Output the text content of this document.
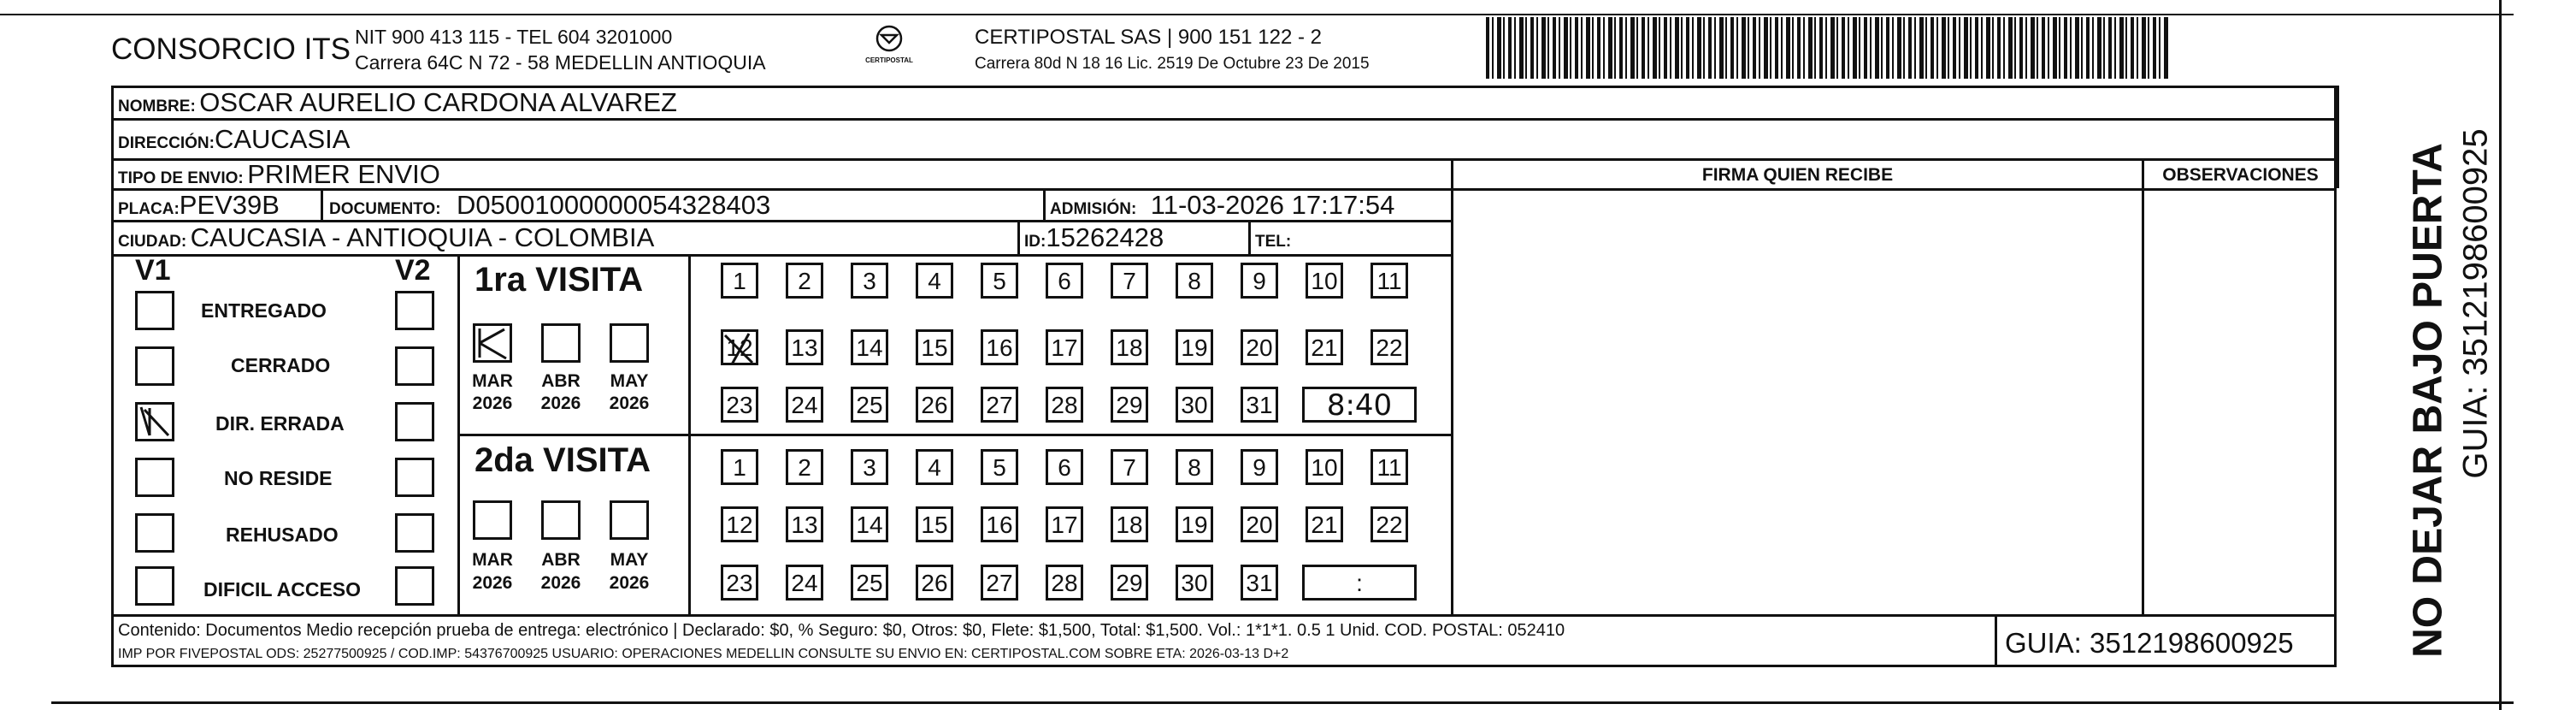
CONSORCIO ITS NIT 900 413 115 - TEL 604 3201000
Carrera 64C N 72 - 58 MEDELLIN ANTIOQUIA	CERTIPOSTAL
CERTIPOSTAL SAS | 900 151 122 - 2
Carrera 80d N 18 16 Lic. 2519 De Octubre 23 De 2015
NOMBRE: OSCAR AURELIO CARDONA ALVAREZ
DIRECCIÓN:CAUCASIA
TIPO DE ENVIO: PRIMER ENVIO	FIRMA QUIEN RECIBE	OBSERVACIONES
PLACA:PEV39B	DOCUMENTO: D05001000000054328403	ADMISIÓN: 11-03-2026 17:17:54
CIUDAD: CAUCASIA - ANTIOQUIA - COLOMBIA	ID:15262428	TEL:
V1	V2
ENTREGADO
CERRADO
DIR. ERRADA
NO RESIDE
REHUSADO
DIFICIL ACCESO
1ra VISITA
MAR	ABR	MAY
2026	2026	2026
1	2	3	4	5	6	7	8	9	10 11
12 13 14 15 16 17 18 19 20 21 22
23 24 25 26 27 28 29 30 31	8:40
2da VISITA
MAR	ABR	MAY
2026	2026	2026
1	2	3	4	5	6	7	8	9	10 11
12 13 14 15 16 17 18 19 20 21 22
23 24 25 26 27 28 29 30 31	:
Contenido: Documentos Medio recepción prueba de entrega: electrónico | Declarado: $0, % Seguro: $0, Otros: $0, Flete: $1,500, Total: $1,500. Vol.: 1*1*1. 0.5 1 Unid. COD. POSTAL: 052410
IMP POR FIVEPOSTAL ODS: 25277500925 / COD.IMP: 54376700925 USUARIO: OPERACIONES MEDELLIN CONSULTE SU ENVIO EN: CERTIPOSTAL.COM SOBRE ETA: 2026-03-13 D+2	GUIA: 3512198600925	NO DEJAR BAJO PUERTA GUIA: 3512198600925
